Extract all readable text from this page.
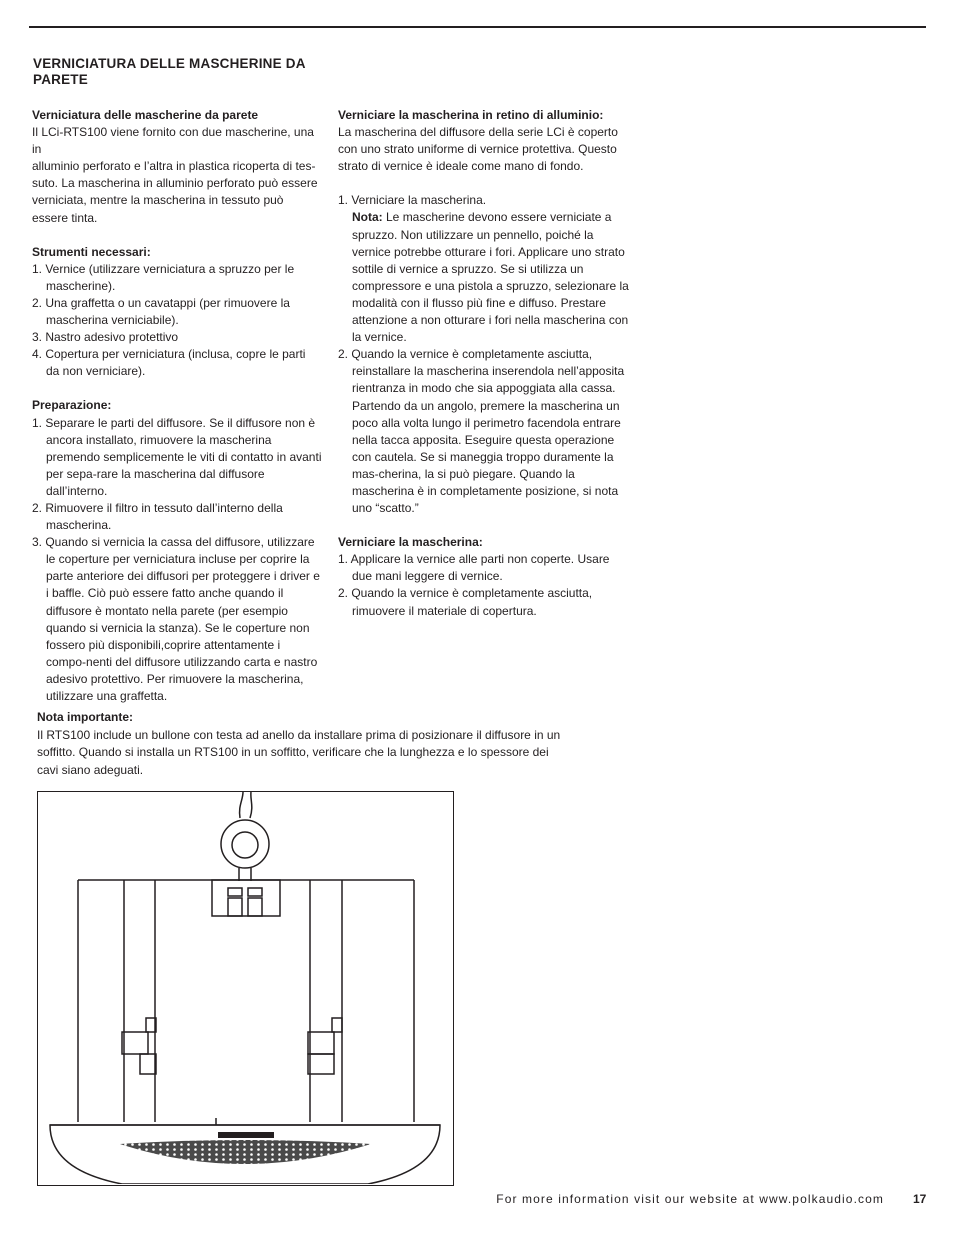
VERNICIATURA DELLE MASCHERINE DA PARETE

Verniciatura delle mascherine da parete

Il LCi-RTS100 viene fornito con due mascherine, una in

alluminio perforato e l’altra in plastica ricoperta di tes-

suto. La mascherina in alluminio perforato può essere

verniciata, mentre la mascherina in tessuto può

essere tinta.

Strumenti necessari:

1. Vernice (utilizzare verniciatura a spruzzo per le mascherine).

2. Una graffetta o un cavatappi (per rimuovere la mascherina verniciabile).

3. Nastro adesivo protettivo

4. Copertura per verniciatura (inclusa, copre le parti da non verniciare).

Preparazione:

1. Separare le parti del diffusore. Se il diffusore non è ancora installato, rimuovere la mascherina premendo semplicemente le viti di contatto in avanti per sepa-rare la mascherina dal diffusore dall’interno.

2. Rimuovere il filtro in tessuto dall’interno della mascherina.

3. Quando si vernicia la cassa del diffusore, utilizzare le coperture per verniciatura incluse per coprire la parte anteriore dei diffusori per proteggere i driver e i baffle. Ciò può essere fatto anche quando il diffusore è montato nella parete (per esempio quando si vernicia la stanza). Se le coperture non fossero più disponibili,coprire attentamente i compo-nenti del diffusore utilizzando carta e nastro adesivo protettivo. Per rimuovere la mascherina, utilizzare una graffetta.

Verniciare la mascherina in retino di alluminio:

La mascherina del diffusore della serie LCi è coperto

con uno strato uniforme di vernice protettiva. Questo

strato di vernice è ideale come mano di fondo.

1. Verniciare la mascherina.

Nota: Le mascherine devono essere verniciate a spruzzo. Non utilizzare un pennello, poiché la vernice potrebbe otturare i fori. Applicare uno strato sottile di vernice a spruzzo. Se si utilizza un compressore e una pistola a spruzzo, selezionare la modalità con il flusso più fine e diffuso. Prestare attenzione a non otturare i fori nella mascherina con la vernice.

2. Quando la vernice è completamente asciutta, reinstallare la mascherina inserendola nell’apposita rientranza in modo che sia appoggiata alla cassa. Partendo da un angolo, premere la mascherina un poco alla volta lungo il perimetro facendola entrare nella tacca apposita. Eseguire questa operazione con cautela. Se si maneggia troppo duramente la mas-cherina, la si può piegare. Quando la mascherina è in completamente posizione, si nota uno “scatto.”

Verniciare la mascherina:

1. Applicare la vernice alle parti non coperte. Usare due mani leggere di vernice.

2. Quando la vernice è completamente asciutta, rimuovere il materiale di copertura.

Nota importante:

Il RTS100 include un bullone con testa ad anello da installare prima di posizionare il diffusore in un

soffitto. Quando si installa un RTS100 in un soffitto, verificare che la lunghezza e lo spessore dei

cavi siano adeguati.

For more information visit our website at www.polkaudio.com 17
